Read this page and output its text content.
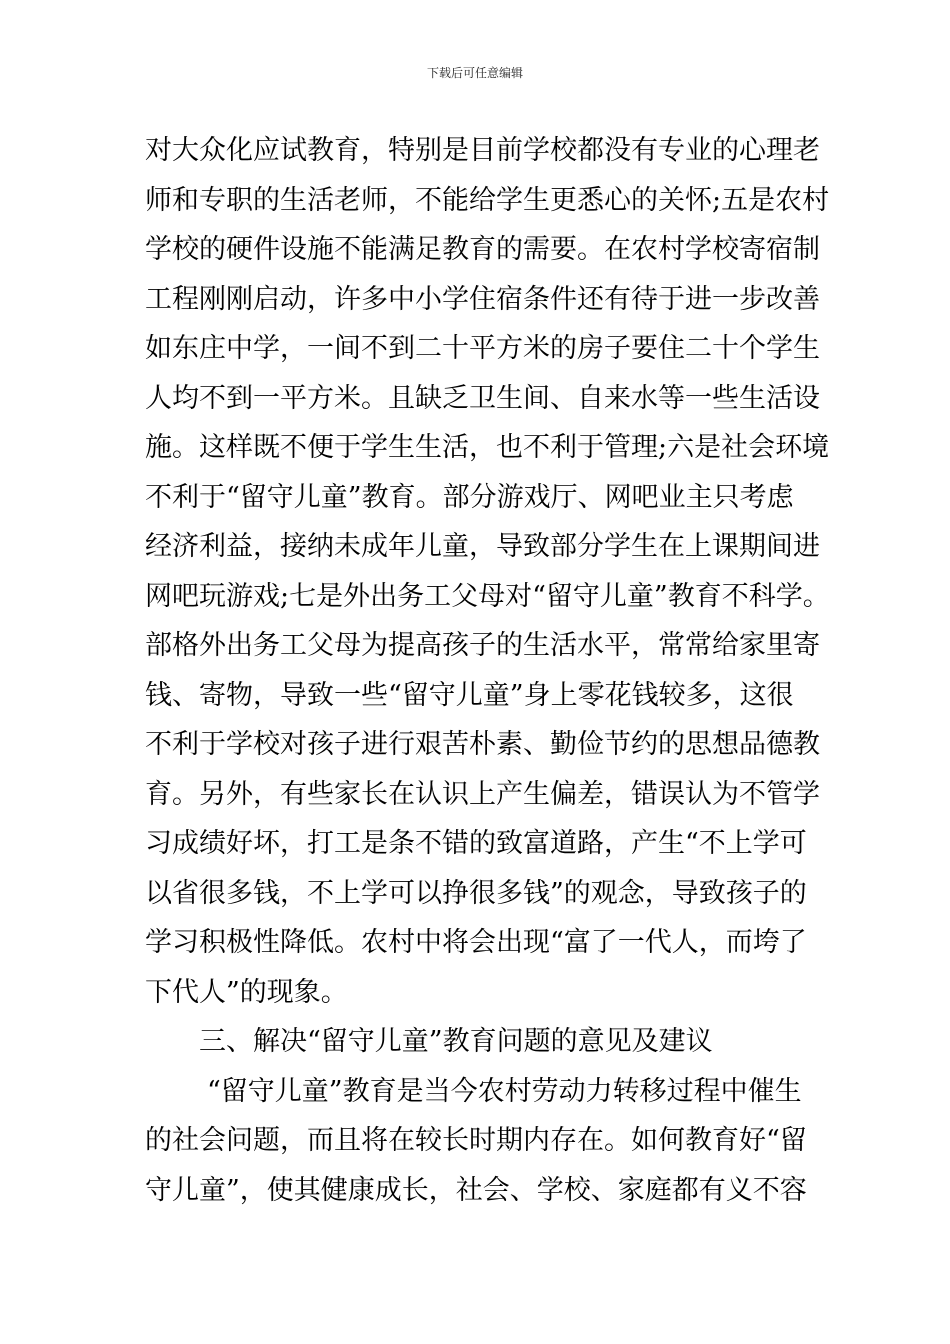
下载后可任意编辑
对大众化应试教育，特别是目前学校都没有专业的心理老
师和专职的生活老师，不能给学生更悉心的关怀;五是农村
学校的硬件设施不能满足教育的需要。在农村学校寄宿制
工程刚刚启动，许多中小学住宿条件还有待于进一步改善
如东庄中学，一间不到二十平方米的房子要住二十个学生
人均不到一平方米。且缺乏卫生间、自来水等一些生活设
施。这样既不便于学生生活，也不利于管理;六是社会环境
不利于“留守儿童”教育。部分游戏厅、网吧业主只考虑
经济利益，接纳未成年儿童，导致部分学生在上课期间进
网吧玩游戏;七是外出务工父母对“留守儿童”教育不科学。
部格外出务工父母为提高孩子的生活水平，常常给家里寄
钱、寄物，导致一些“留守儿童”身上零花钱较多，这很
不利于学校对孩子进行艰苦朴素、勤俭节约的思想品德教
育。另外，有些家长在认识上产生偏差，错误认为不管学
习成绩好坏，打工是条不错的致富道路，产生“不上学可
以省很多钱，不上学可以挣很多钱”的观念，导致孩子的
学习积极性降低。农村中将会出现“富了一代人，而垮了
下代人”的现象。
三、解决“留守儿童”教育问题的意见及建议
“留守儿童”教育是当今农村劳动力转移过程中催生
的社会问题，而且将在较长时期内存在。如何教育好“留
守儿童”，使其健康成长，社会、学校、家庭都有义不容
